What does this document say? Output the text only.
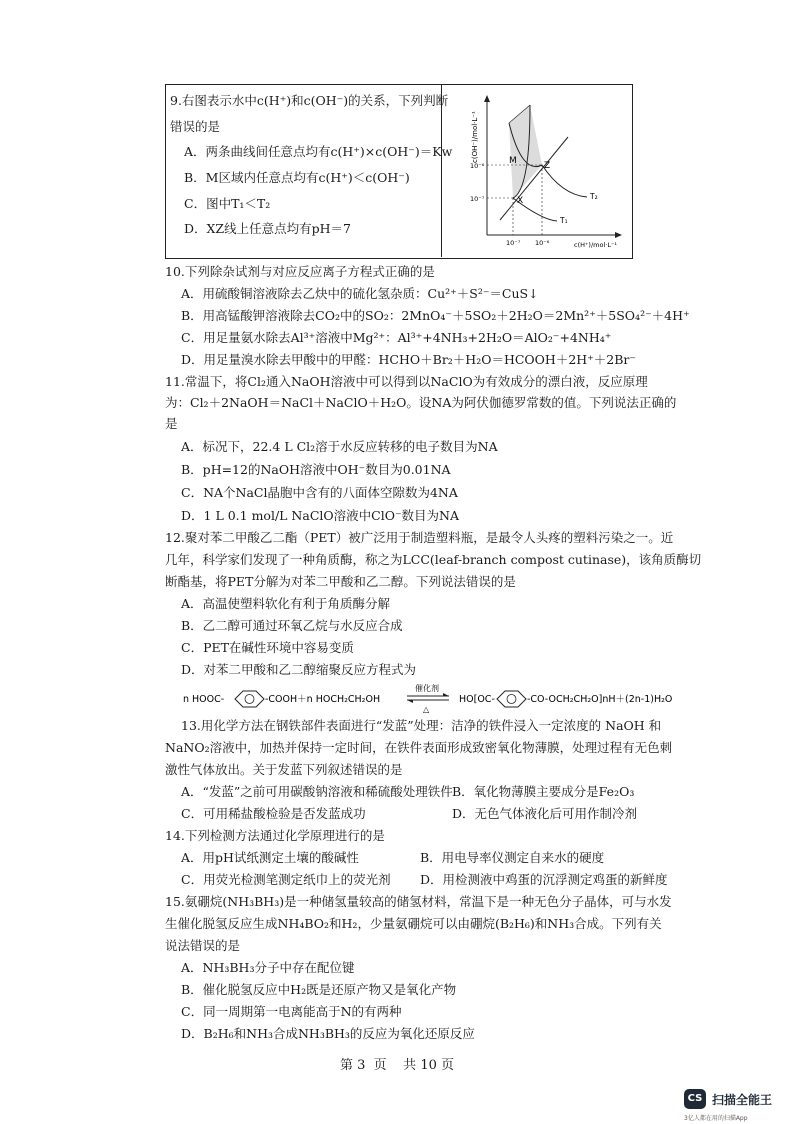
9.右图表示水中c(H⁺)和c(OH⁻)的关系，下列判断
错误的是
A．两条曲线间任意点均有c(H⁺)×c(OH⁻)＝Kw
B．M区域内任意点均有c(H⁺)＜c(OH⁻)
C．图中T₁＜T₂
D．XZ线上任意点均有pH＝7
c(OH⁻)/mol·L⁻¹
c(H⁺)/mol·L⁻¹
10⁻⁶
10⁻⁷
10⁻⁷ 10⁻⁶
M
X
Z
T₂
T₁
10.下列除杂试剂与对应反应离子方程式正确的是
A．用硫酸铜溶液除去乙炔中的硫化氢杂质：Cu²⁺＋S²⁻＝CuS↓
B．用高锰酸钾溶液除去CO₂中的SO₂：2MnO₄⁻＋5SO₂＋2H₂O＝2Mn²⁺＋5SO₄²⁻＋4H⁺
C．用足量氨水除去Al³⁺溶液中Mg²⁺：Al³⁺+4NH₃+2H₂O＝AlO₂⁻+4NH₄⁺
D．用足量溴水除去甲酸中的甲醛：HCHO＋Br₂＋H₂O＝HCOOH＋2H⁺＋2Br⁻
11.常温下，将Cl₂通入NaOH溶液中可以得到以NaClO为有效成分的漂白液，反应原理
为：Cl₂＋2NaOH＝NaCl＋NaClO＋H₂O。设NA为阿伏伽德罗常数的值。下列说法正确的
是
A．标况下，22.4 L Cl₂溶于水反应转移的电子数目为NA
B．pH=12的NaOH溶液中OH⁻数目为0.01NA
C．NA个NaCl晶胞中含有的八面体空隙数为4NA
D．1 L 0.1 mol/L NaClO溶液中ClO⁻数目为NA
12.聚对苯二甲酸乙二酯（PET）被广泛用于制造塑料瓶，是最令人头疼的塑料污染之一。近
几年，科学家们发现了一种角质酶，称之为LCC(leaf-branch compost cutinase)，该角质酶切
断酯基，将PET分解为对苯二甲酸和乙二醇。下列说法错误的是
A．高温使塑料软化有利于角质酶分解
B．乙二醇可通过环氧乙烷与水反应合成
C．PET在碱性环境中容易变质
D．对苯二甲酸和乙二醇缩聚反应方程式为
n HOOC-	-COOH＋n HOCH₂CH₂OH
催化剂
△
HO[OC-	-CO-OCH₂CH₂O]nH＋(2n-1)H₂O
13.用化学方法在钢铁部件表面进行“发蓝”处理：洁净的铁件浸入一定浓度的 NaOH 和
NaNO₂溶液中，加热并保持一定时间，在铁件表面形成致密氧化物薄膜，处理过程有无色刺
激性气体放出。关于发蓝下列叙述错误的是
A．“发蓝”之前可用碳酸钠溶液和稀硫酸处理铁件 B．氧化物薄膜主要成分是Fe₂O₃
C．可用稀盐酸检验是否发蓝成功	D．无色气体液化后可用作制冷剂
14.下列检测方法通过化学原理进行的是
A．用pH试纸测定土壤的酸碱性	B．用电导率仪测定自来水的硬度
C．用荧光检测笔测定纸巾上的荧光剂 D．用检测液中鸡蛋的沉浮测定鸡蛋的新鲜度
15.氨硼烷(NH₃BH₃)是一种储氢量较高的储氢材料，常温下是一种无色分子晶体，可与水发
生催化脱氢反应生成NH₄BO₂和H₂，少量氨硼烷可以由硼烷(B₂H₆)和NH₃合成。下列有关
说法错误的是
A．NH₃BH₃分子中存在配位键
B．催化脱氢反应中H₂既是还原产物又是氧化产物
C．同一周期第一电离能高于N的有两种
D．B₂H₆和NH₃合成NH₃BH₃的反应为氧化还原反应
第 3  页    共 10 页
CS 扫描全能王
3亿人都在用的扫描App
